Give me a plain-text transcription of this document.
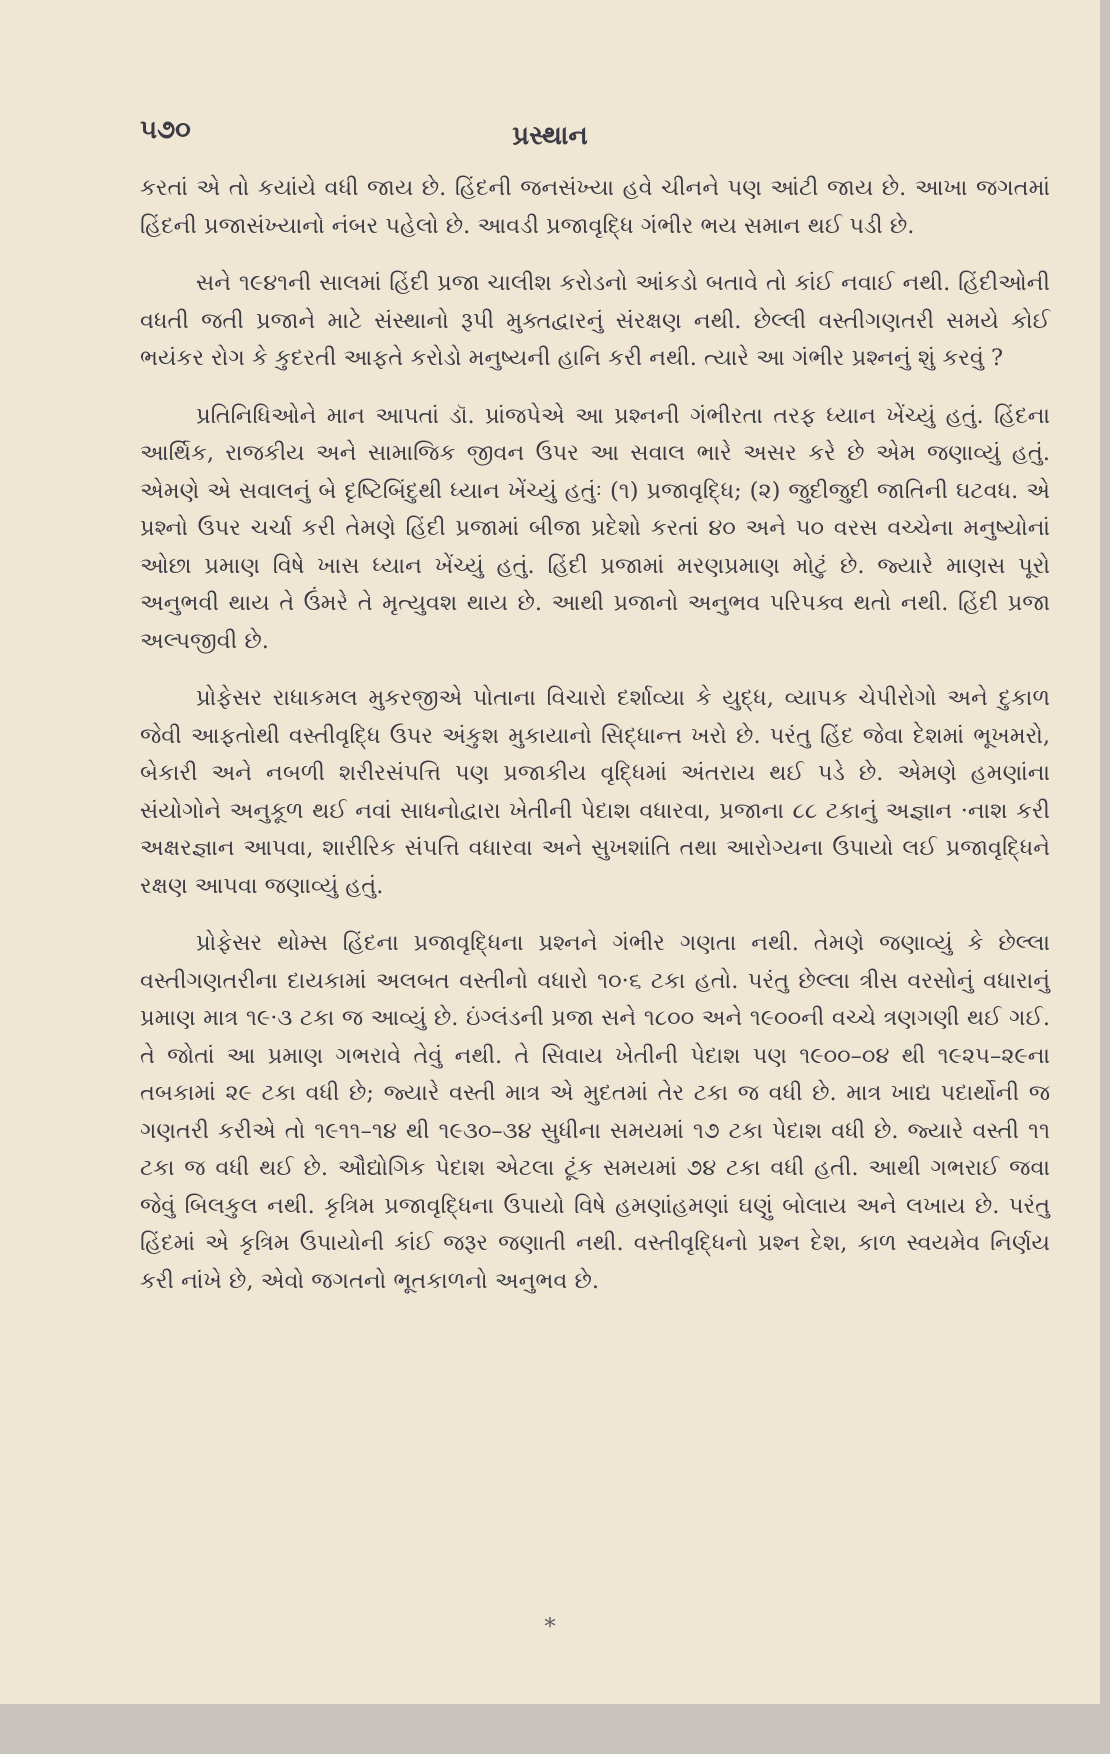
૫૭૦	પ્રસ્થાન

કરતાં એ તો કયાંયે વધી જાય છે. હિંદની જનસંખ્યા હવે ચીનને પણ આંટી જાય છે. આખા જગતમાં હિંદની પ્રજાસંખ્યાનો નંબર પહેલો છે. આવડી પ્રજાવૃદ્ધિ ગંભીર ભય સમાન થઈ પડી છે.

સને ૧૯૪૧ની સાલમાં હિંદી પ્રજા ચાલીશ કરોડનો આંકડો બતાવે તો કાંઈ નવાઈ નથી. હિંદીઓની વધતી જતી પ્રજાને માટે સંસ્થાનો રૂપી મુક્તદ્વારનું સંરક્ષણ નથી. છેલ્લી વસ્તીગણતરી સમયે કોઈ ભયંકર રોગ કે કુદરતી આફતે કરોડો મનુષ્યની હાનિ કરી નથી. ત્યારે આ ગંભીર પ્રશ્નનું શું કરવું ?

પ્રતિનિધિઓને માન આપતાં ડૉ. પ્રાંજપેએ આ પ્રશ્નની ગંભીરતા તરફ ધ્યાન ખેંચ્યું હતું. હિંદના આર્થિક, રાજકીય અને સામાજિક જીવન ઉપર આ સવાલ ભારે અસર કરે છે એમ જણાવ્યું હતું. એમણે એ સવાલનું બે દૃષ્ટિબિંદુથી ધ્યાન ખેંચ્યું હતુંઃ (૧) પ્રજાવૃદ્ધિ; (૨) જુદીજુદી જાતિની ઘટવધ. એ પ્રશ્નો ઉપર ચર્ચા કરી તેમણે હિંદી પ્રજામાં બીજા પ્રદેશો કરતાં ૪૦ અને ૫૦ વરસ વચ્ચેના મનુષ્યોનાં ઓછા પ્રમાણ વિષે ખાસ ધ્યાન ખેંચ્યું હતું. હિંદી પ્રજામાં મરણપ્રમાણ મોટું છે. જ્યારે માણસ પૂરો અનુભવી થાય તે ઉંમરે તે મૃત્યુવશ થાય છે. આથી પ્રજાનો અનુભવ પરિપક્વ થતો નથી. હિંદી પ્રજા અલ્પજીવી છે.

પ્રોફેસર રાધાકમલ મુકરજીએ પોતાના વિચારો દર્શાવ્યા કે યુદ્ધ, વ્યાપક ચેપીરોગો અને દુકાળ જેવી આફતોથી વસ્તીવૃદ્ધિ ઉપર અંકુશ મુકાયાનો સિદ્ધાન્ત ખરો છે. પરંતુ હિંદ જેવા દેશમાં ભૂખમરો, બેકારી અને નબળી શરીરસંપત્તિ પણ પ્રજાકીય વૃદ્ધિમાં અંતરાય થઈ પડે છે. એમણે હમણાંના સંયોગોને અનુકૂળ થઈ નવાં સાધનોદ્વારા ખેતીની પેદાશ વધારવા, પ્રજાના ૮૮ ટકાનું અજ્ઞાન ·નાશ કરી અક્ષરજ્ઞાન આપવા, શારીરિક સંપત્તિ વધારવા અને સુખશાંતિ તથા આરોગ્યના ઉપાયો લઈ પ્રજાવૃદ્ધિને રક્ષણ આપવા જણાવ્યું હતું.

પ્રોફેસર થોમ્સ હિંદના પ્રજાવૃદ્ધિના પ્રશ્નને ગંભીર ગણતા નથી. તેમણે જણાવ્યું કે છેલ્લા વસ્તીગણતરીના દાયકામાં અલબત વસ્તીનો વધારો ૧૦·૬ ટકા હતો. પરંતુ છેલ્લા ત્રીસ વરસોનું વધારાનું પ્રમાણ માત્ર ૧૯·૩ ટકા જ આવ્યું છે. ઇંગ્લંડની પ્રજા સને ૧૮૦૦ અને ૧૯૦૦ની વચ્ચે ત્રણગણી થઈ ગઈ. તે જોતાં આ પ્રમાણ ગભરાવે તેવું નથી. તે સિવાય ખેતીની પેદાશ પણ ૧૯૦૦–૦૪ થી ૧૯૨૫–૨૯ના તબકામાં ૨૯ ટકા વધી છે; જ્યારે વસ્તી માત્ર એ મુદતમાં તેર ટકા જ વધી છે. માત્ર ખાદ્ય પદાર્થોની જ ગણતરી કરીએ તો ૧૯૧૧–૧૪ થી ૧૯૩૦–૩૪ સુધીના સમયમાં ૧૭ ટકા પેદાશ વધી છે. જ્યારે વસ્તી ૧૧ ટકા જ વધી થઈ છે. ઔદ્યોગિક પેદાશ એટલા ટૂંક સમયમાં ૭૪ ટકા વધી હતી. આથી ગભરાઈ જવા જેવું બિલકુલ નથી. કૃત્રિમ પ્રજાવૃદ્ધિના ઉપાયો વિષે હમણાંહમણાં ઘણું બોલાય અને લખાય છે. પરંતુ હિંદમાં એ કૃત્રિમ ઉપાયોની કાંઈ જરૂર જણાતી નથી. વસ્તીવૃદ્ધિનો પ્રશ્ન દેશ, કાળ સ્વયમેવ નિર્ણય કરી નાંખે છે, એવો જગતનો ભૂતકાળનો અનુભવ છે.

*
